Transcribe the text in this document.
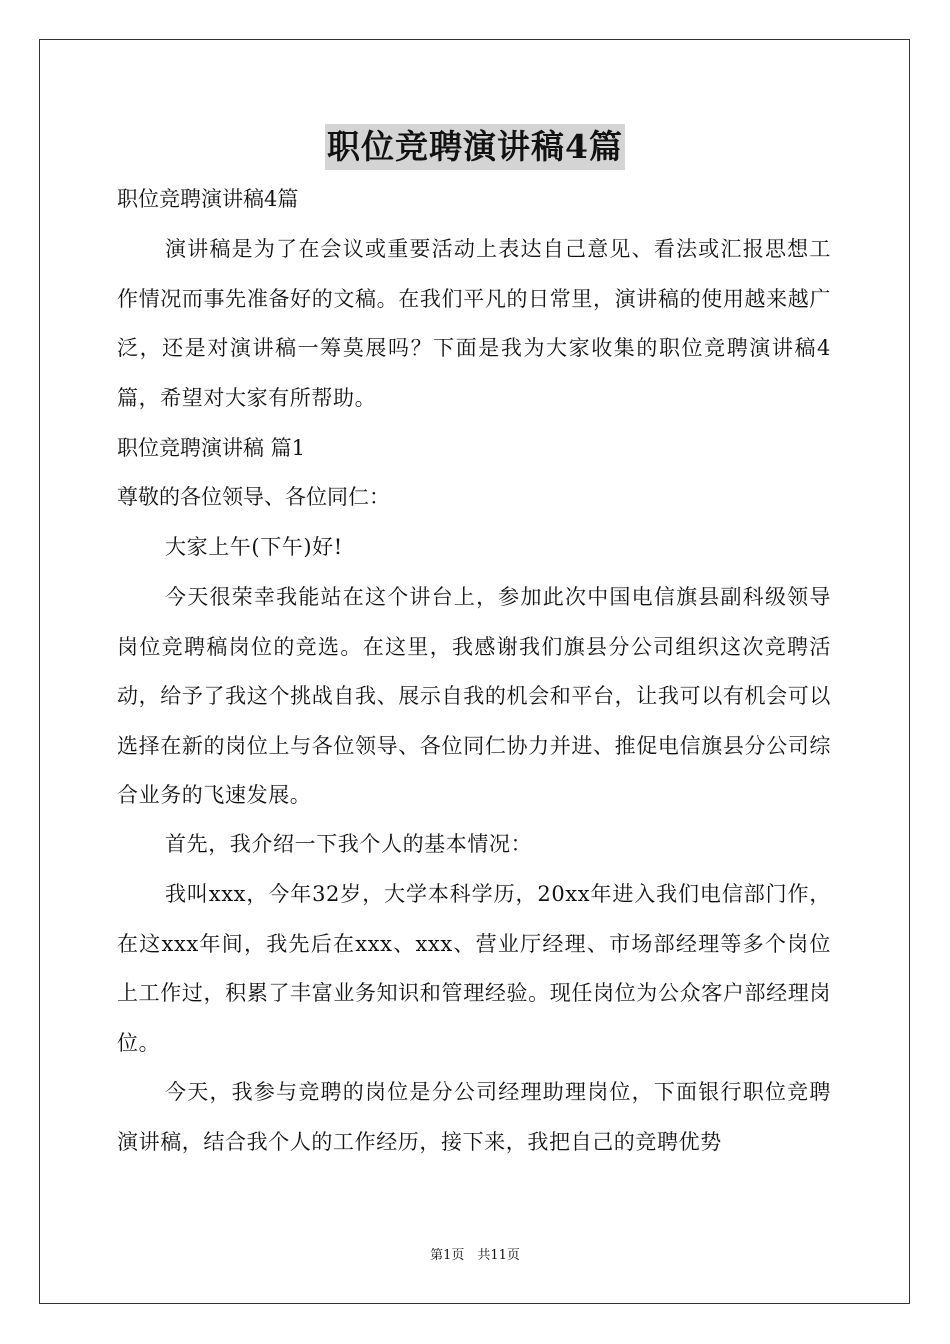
职位竞聘演讲稿4篇
职位竞聘演讲稿4篇
演讲稿是为了在会议或重要活动上表达自己意见、看法或汇报思想工作情况而事先准备好的文稿。在我们平凡的日常里，演讲稿的使用越来越广泛，还是对演讲稿一筹莫展吗？下面是我为大家收集的职位竞聘演讲稿4篇，希望对大家有所帮助。
职位竞聘演讲稿 篇1
尊敬的各位领导、各位同仁：
大家上午(下午)好!
今天很荣幸我能站在这个讲台上，参加此次中国电信旗县副科级领导岗位竞聘稿岗位的竞选。在这里，我感谢我们旗县分公司组织这次竞聘活动，给予了我这个挑战自我、展示自我的机会和平台，让我可以有机会可以选择在新的岗位上与各位领导、各位同仁协力并进、推促电信旗县分公司综合业务的飞速发展。
首先，我介绍一下我个人的基本情况：
我叫xxx，今年32岁，大学本科学历，20xx年进入我们电信部门作，在这xxx年间，我先后在xxx、xxx、营业厅经理、市场部经理等多个岗位上工作过，积累了丰富业务知识和管理经验。现任岗位为公众客户部经理岗位。
今天，我参与竞聘的岗位是分公司经理助理岗位，下面银行职位竞聘演讲稿，结合我个人的工作经历，接下来，我把自己的竞聘优势
第1页　共11页
